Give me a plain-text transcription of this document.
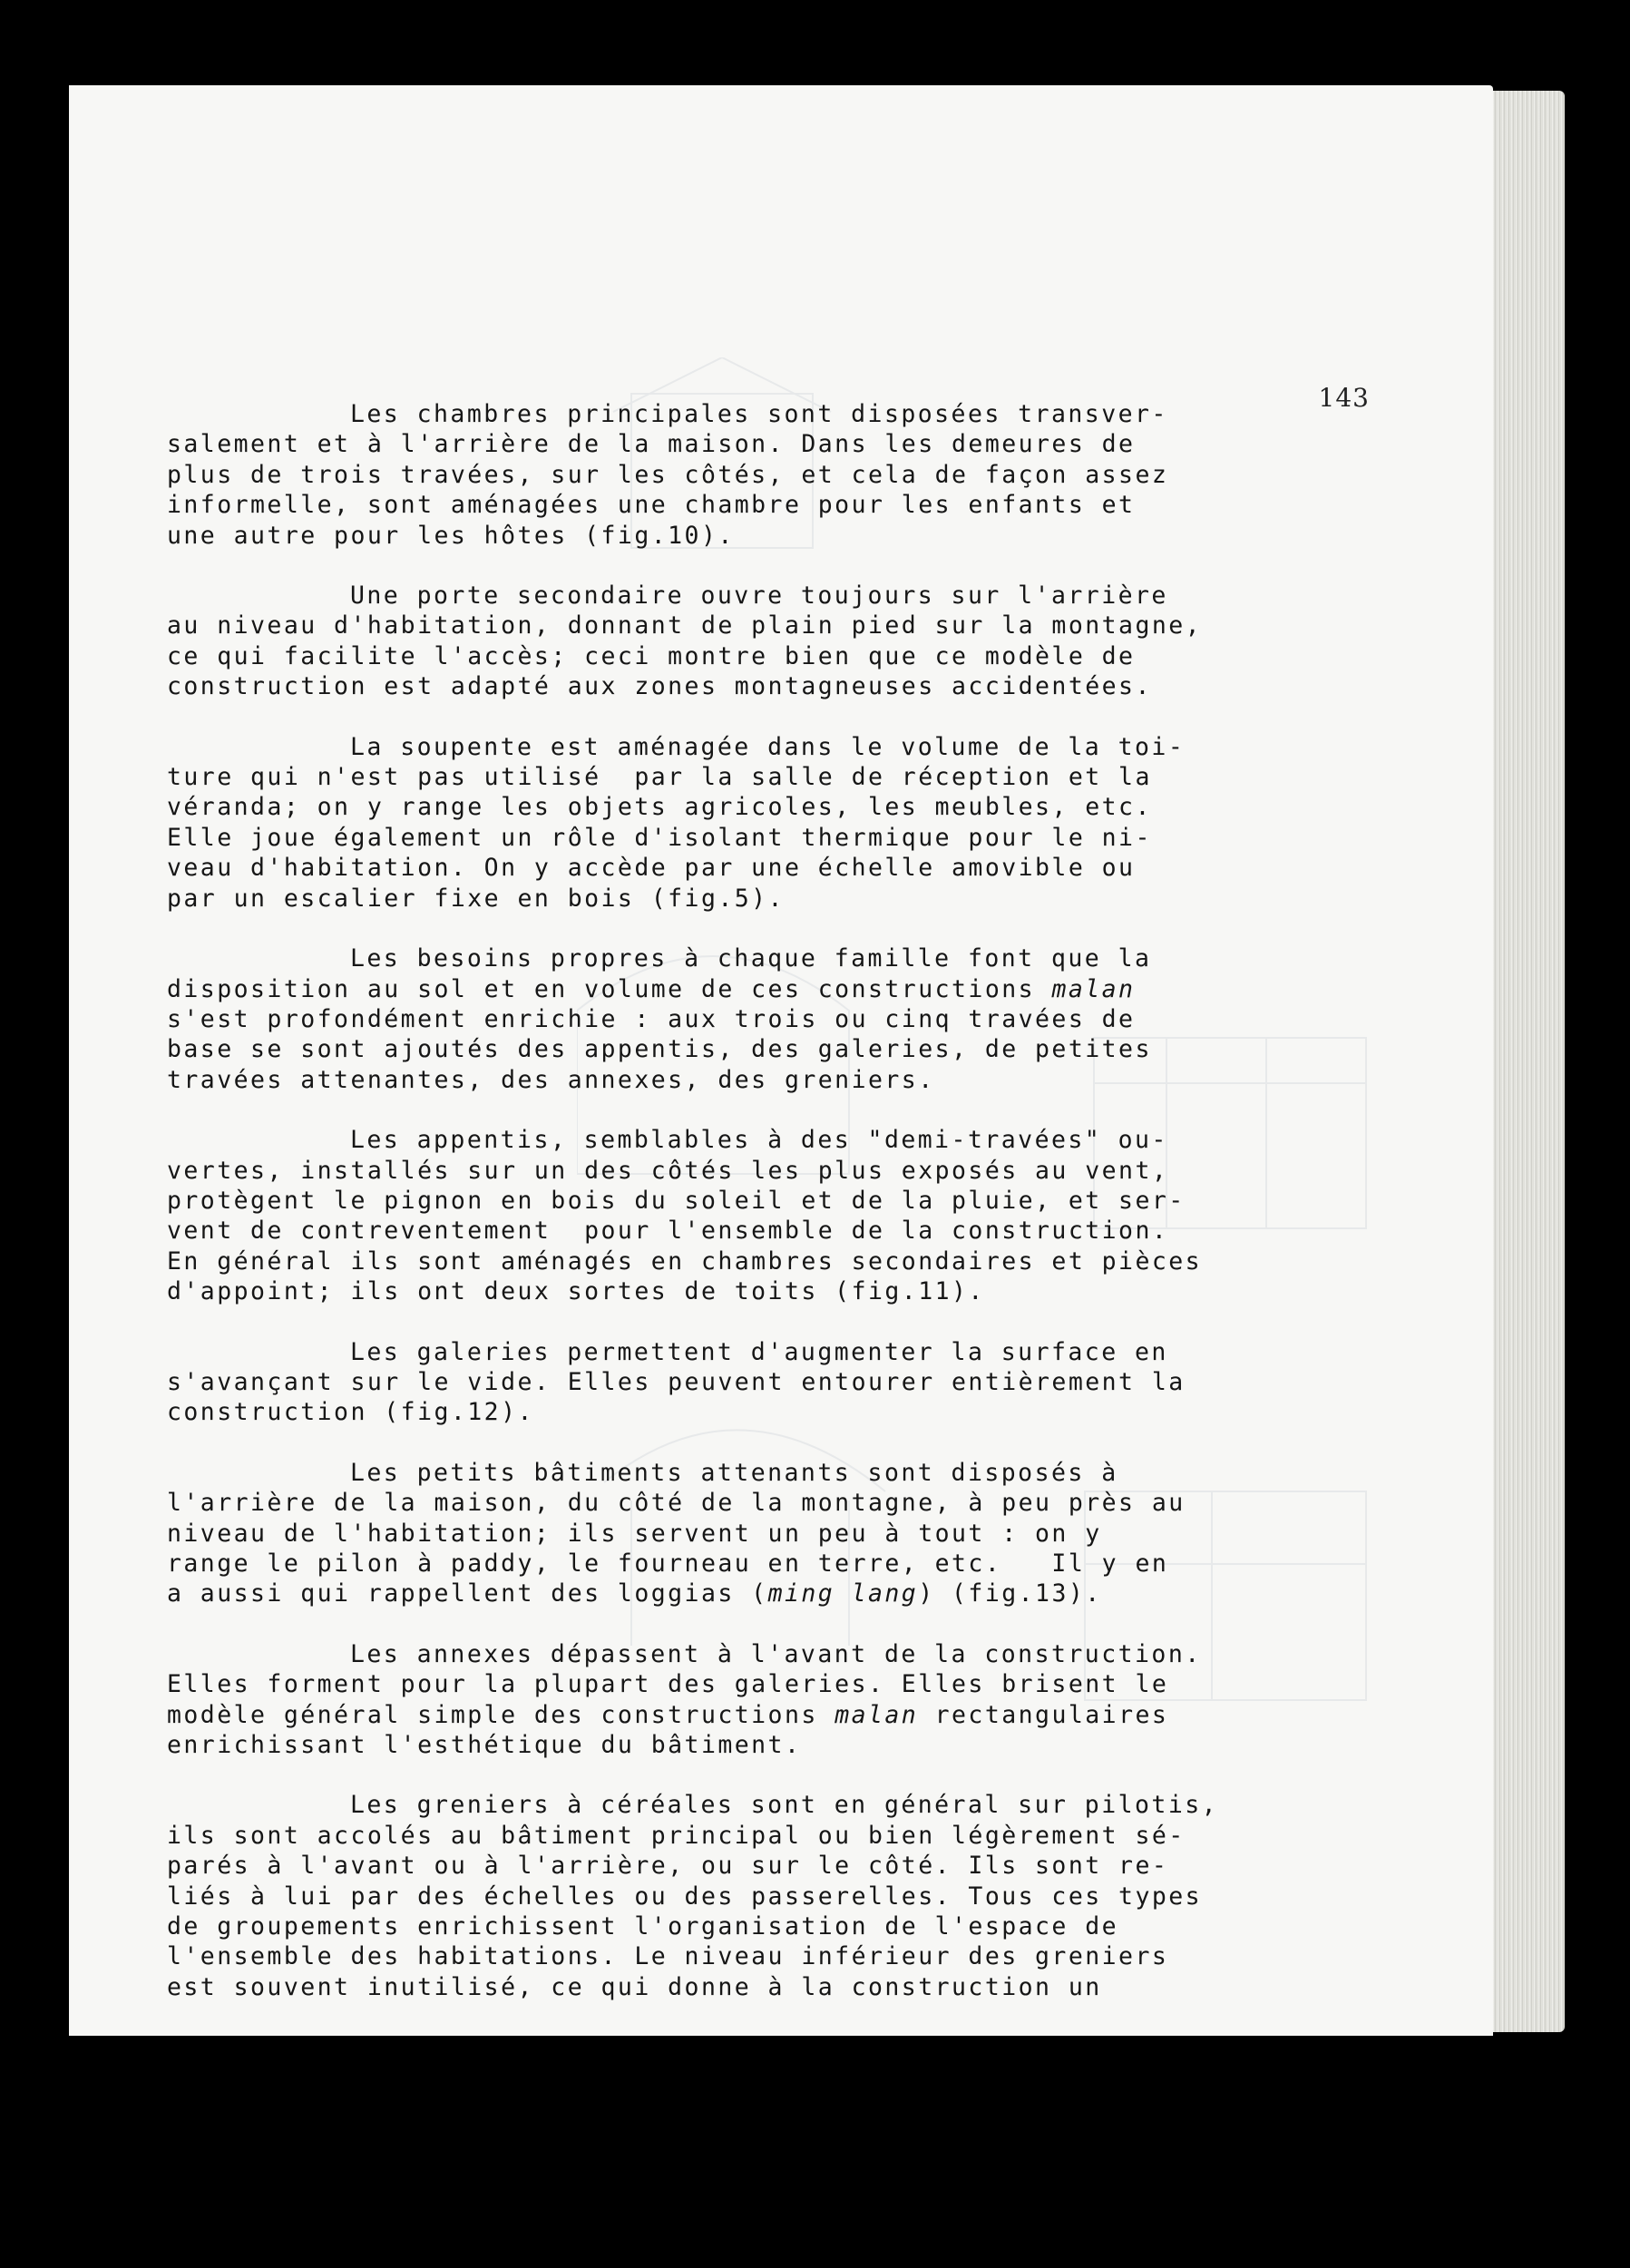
143
Les chambres principales sont disposées transver-
salement et à l'arrière de la maison. Dans les demeures de
plus de trois travées, sur les côtés, et cela de façon assez
informelle, sont aménagées une chambre pour les enfants et
une autre pour les hôtes (fig.10).
Une porte secondaire ouvre toujours sur l'arrière
au niveau d'habitation, donnant de plain pied sur la montagne,
ce qui facilite l'accès; ceci montre bien que ce modèle de
construction est adapté aux zones montagneuses accidentées.
La soupente est aménagée dans le volume de la toi-
ture qui n'est pas utilisé  par la salle de réception et la
véranda; on y range les objets agricoles, les meubles, etc.
Elle joue également un rôle d'isolant thermique pour le ni-
veau d'habitation. On y accède par une échelle amovible ou
par un escalier fixe en bois (fig.5).
Les besoins propres à chaque famille font que la
disposition au sol et en volume de ces constructions malan
s'est profondément enrichie : aux trois ou cinq travées de
base se sont ajoutés des appentis, des galeries, de petites
travées attenantes, des annexes, des greniers.
Les appentis, semblables à des "demi-travées" ou-
vertes, installés sur un des côtés les plus exposés au vent,
protègent le pignon en bois du soleil et de la pluie, et ser-
vent de contreventement  pour l'ensemble de la construction.
En général ils sont aménagés en chambres secondaires et pièces
d'appoint; ils ont deux sortes de toits (fig.11).
Les galeries permettent d'augmenter la surface en
s'avançant sur le vide. Elles peuvent entourer entièrement la
construction (fig.12).
Les petits bâtiments attenants sont disposés à
l'arrière de la maison, du côté de la montagne, à peu près au
niveau de l'habitation; ils servent un peu à tout : on y
range le pilon à paddy, le fourneau en terre, etc.   Il y en
a aussi qui rappellent des loggias (ming lang) (fig.13).
Les annexes dépassent à l'avant de la construction.
Elles forment pour la plupart des galeries. Elles brisent le
modèle général simple des constructions malan rectangulaires
enrichissant l'esthétique du bâtiment.
Les greniers à céréales sont en général sur pilotis,
ils sont accolés au bâtiment principal ou bien légèrement sé-
parés à l'avant ou à l'arrière, ou sur le côté. Ils sont re-
liés à lui par des échelles ou des passerelles. Tous ces types
de groupements enrichissent l'organisation de l'espace de
l'ensemble des habitations. Le niveau inférieur des greniers
est souvent inutilisé, ce qui donne à la construction un
